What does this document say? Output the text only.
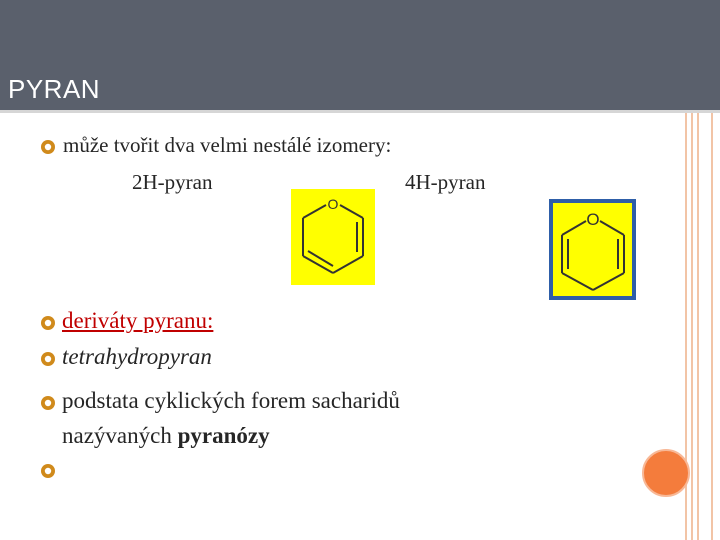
PYRAN
může tvořit dva velmi nestálé izomery:
2H-pyran	4H-pyran
O
O
deriváty pyranu:
tetrahydropyran
podstata cyklických forem sacharidů
nazývaných pyranózy
